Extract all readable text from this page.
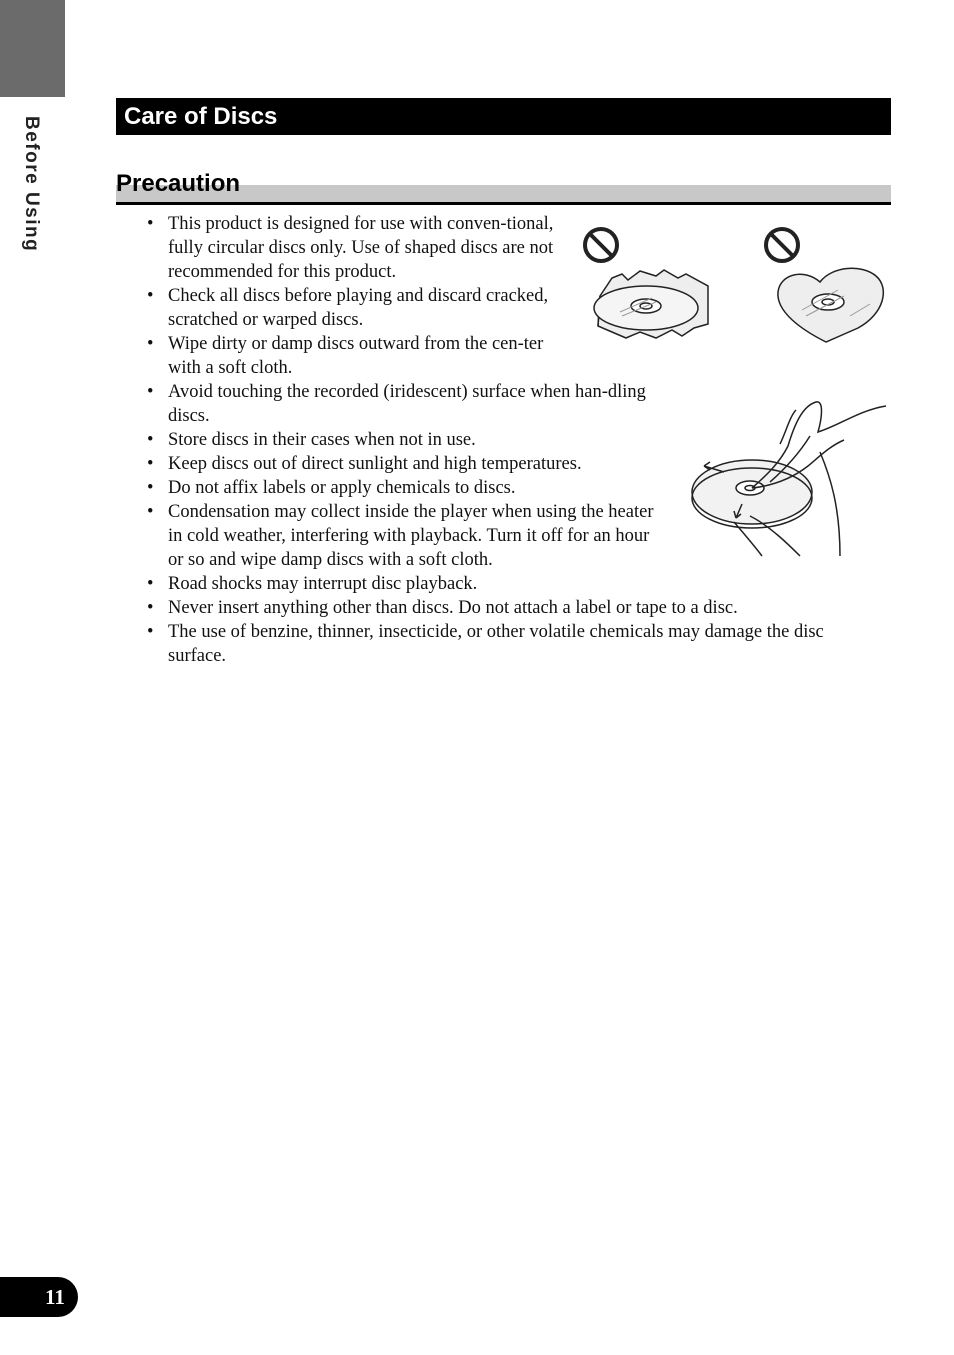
Before Using	Care of Discs
Precaution
• This product is designed for use with conven-tional, fully circular discs only. Use of shaped discs are not recommended for this product.
• Check all discs before playing and discard cracked, scratched or warped discs.
• Wipe dirty or damp discs outward from the cen-ter with a soft cloth.
• Avoid touching the recorded (iridescent) surface when han-dling discs.
• Store discs in their cases when not in use.
• Keep discs out of direct sunlight and high temperatures.
• Do not affix labels or apply chemicals to discs.
• Condensation may collect inside the player when using the heater in cold weather, interfering with playback. Turn it off for an hour or so and wipe damp discs with a soft cloth.
• Road shocks may interrupt disc playback.
• Never insert anything other than discs. Do not attach a label or tape to a disc.
• The use of benzine, thinner, insecticide, or other volatile chemicals may damage the disc surface.
11
